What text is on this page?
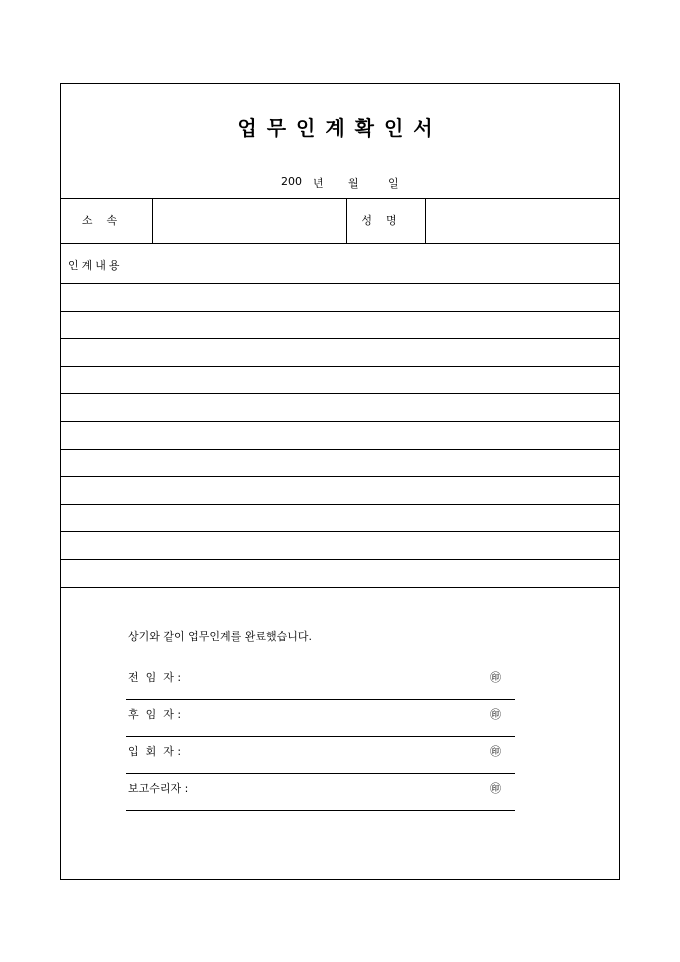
업무인계확인서
200 년 월	일
소속	성명
인계내용
상기와 같이 업무인계를 완료했습니다.
전  임  자 :	㊞
후  임  자 :	㊞
입  회  자 :	㊞
보고수리자 :	㊞
